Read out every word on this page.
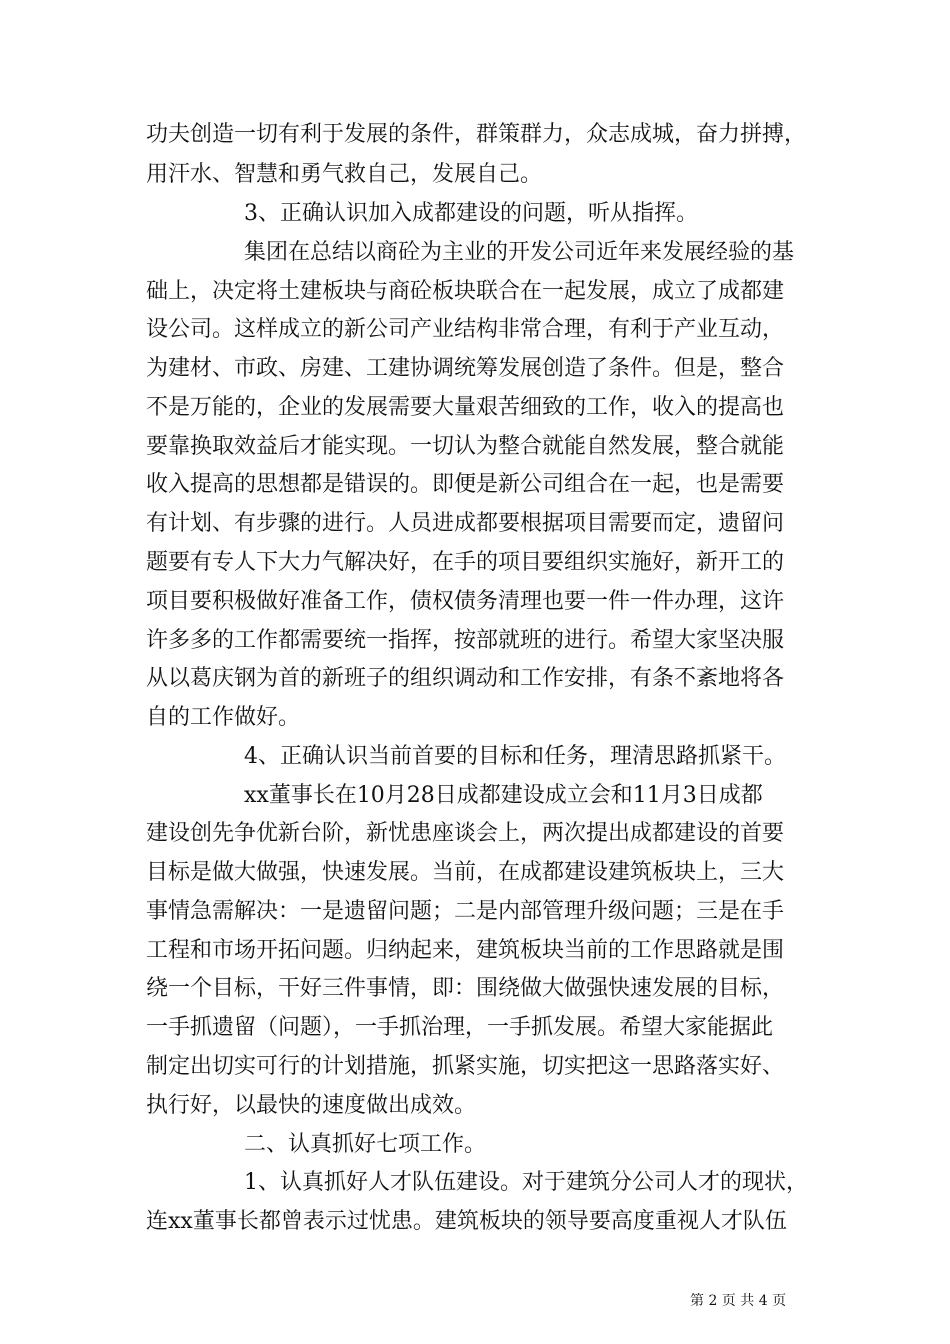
功夫创造一切有利于发展的条件，群策群力，众志成城，奋力拼搏，
用汗水、智慧和勇气救自己，发展自己。
3、正确认识加入成都建设的问题，听从指挥。
集团在总结以商砼为主业的开发公司近年来发展经验的基
础上，决定将土建板块与商砼板块联合在一起发展，成立了成都建
设公司。这样成立的新公司产业结构非常合理，有利于产业互动，
为建材、市政、房建、工建协调统筹发展创造了条件。但是，整合
不是万能的，企业的发展需要大量艰苦细致的工作，收入的提高也
要靠换取效益后才能实现。一切认为整合就能自然发展，整合就能
收入提高的思想都是错误的。即便是新公司组合在一起，也是需要
有计划、有步骤的进行。人员进成都要根据项目需要而定，遗留问
题要有专人下大力气解决好，在手的项目要组织实施好，新开工的
项目要积极做好准备工作，债权债务清理也要一件一件办理，这许
许多多的工作都需要统一指挥，按部就班的进行。希望大家坚决服
从以葛庆钢为首的新班子的组织调动和工作安排，有条不紊地将各
自的工作做好。
4、正确认识当前首要的目标和任务，理清思路抓紧干。
xx董事长在10月28日成都建设成立会和11月3日成都
建设创先争优新台阶，新忧患座谈会上，两次提出成都建设的首要
目标是做大做强，快速发展。当前，在成都建设建筑板块上，三大
事情急需解决：一是遗留问题；二是内部管理升级问题；三是在手
工程和市场开拓问题。归纳起来，建筑板块当前的工作思路就是围
绕一个目标，干好三件事情，即：围绕做大做强快速发展的目标，
一手抓遗留（问题），一手抓治理，一手抓发展。希望大家能据此
制定出切实可行的计划措施，抓紧实施，切实把这一思路落实好、
执行好，以最快的速度做出成效。
二、认真抓好七项工作。
1、认真抓好人才队伍建设。对于建筑分公司人才的现状，
连xx董事长都曾表示过忧患。建筑板块的领导要高度重视人才队伍
第 2 页 共 4 页
